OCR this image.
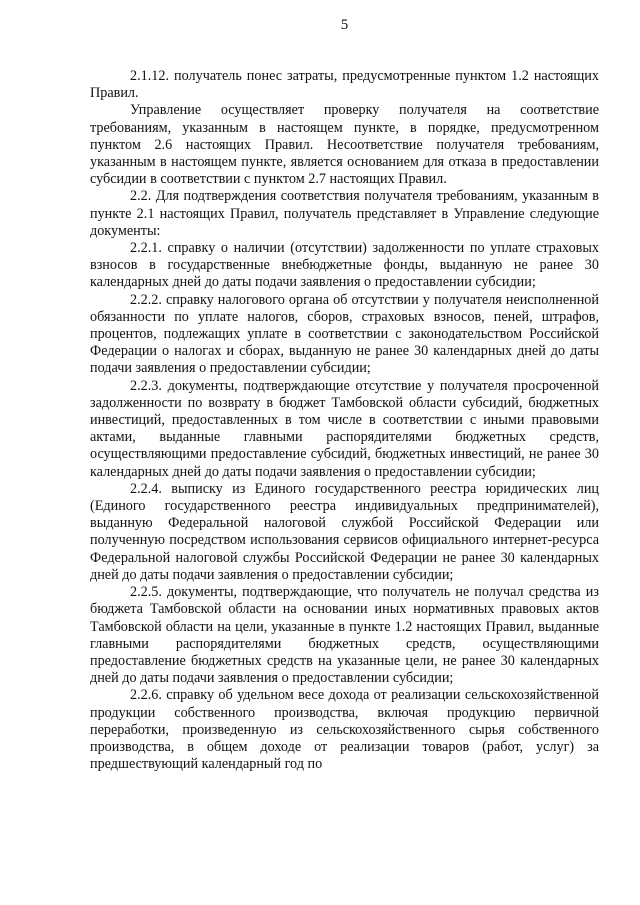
5

2.1.12. получатель понес затраты, предусмотренные пунктом 1.2 настоящих Правил.

Управление осуществляет проверку получателя на соответствие требованиям, указанным в настоящем пункте, в порядке, предусмотренном пунктом 2.6 настоящих Правил. Несоответствие получателя требованиям, указанным в настоящем пункте, является основанием для отказа в предоставлении субсидии в соответствии с пунктом 2.7 настоящих Правил.

2.2. Для подтверждения соответствия получателя требованиям, указанным в пункте 2.1 настоящих Правил, получатель представляет в Управление следующие документы:

2.2.1. справку о наличии (отсутствии) задолженности по уплате страховых взносов в государственные внебюджетные фонды, выданную не ранее 30 календарных дней до даты подачи заявления о предоставлении субсидии;

2.2.2. справку налогового органа об отсутствии у получателя неисполненной обязанности по уплате налогов, сборов, страховых взносов, пеней, штрафов, процентов, подлежащих уплате в соответствии с законодательством Российской Федерации о налогах и сборах, выданную не ранее 30 календарных дней до даты подачи заявления о предоставлении субсидии;

2.2.3. документы, подтверждающие отсутствие у получателя просроченной задолженности по возврату в бюджет Тамбовской области субсидий, бюджетных инвестиций, предоставленных в том числе в соответствии с иными правовыми актами, выданные главными распорядителями бюджетных средств, осуществляющими предоставление субсидий, бюджетных инвестиций, не ранее 30 календарных дней до даты подачи заявления о предоставлении субсидии;

2.2.4. выписку из Единого государственного реестра юридических лиц (Единого государственного реестра индивидуальных предпринимателей), выданную Федеральной налоговой службой Российской Федерации или полученную посредством использования сервисов официального интернет-ресурса Федеральной налоговой службы Российской Федерации не ранее 30 календарных дней до даты подачи заявления о предоставлении субсидии;

2.2.5. документы, подтверждающие, что получатель не получал средства из бюджета Тамбовской области на основании иных нормативных правовых актов Тамбовской области на цели, указанные в пункте 1.2 настоящих Правил, выданные главными распорядителями бюджетных средств, осуществляющими предоставление бюджетных средств на указанные цели, не ранее 30 календарных дней до даты подачи заявления о предоставлении субсидии;

2.2.6. справку об удельном весе дохода от реализации сельскохозяйственной продукции собственного производства, включая продукцию первичной переработки, произведенную из сельскохозяйственного сырья собственного производства, в общем доходе от реализации товаров (работ, услуг) за предшествующий календарный год по
